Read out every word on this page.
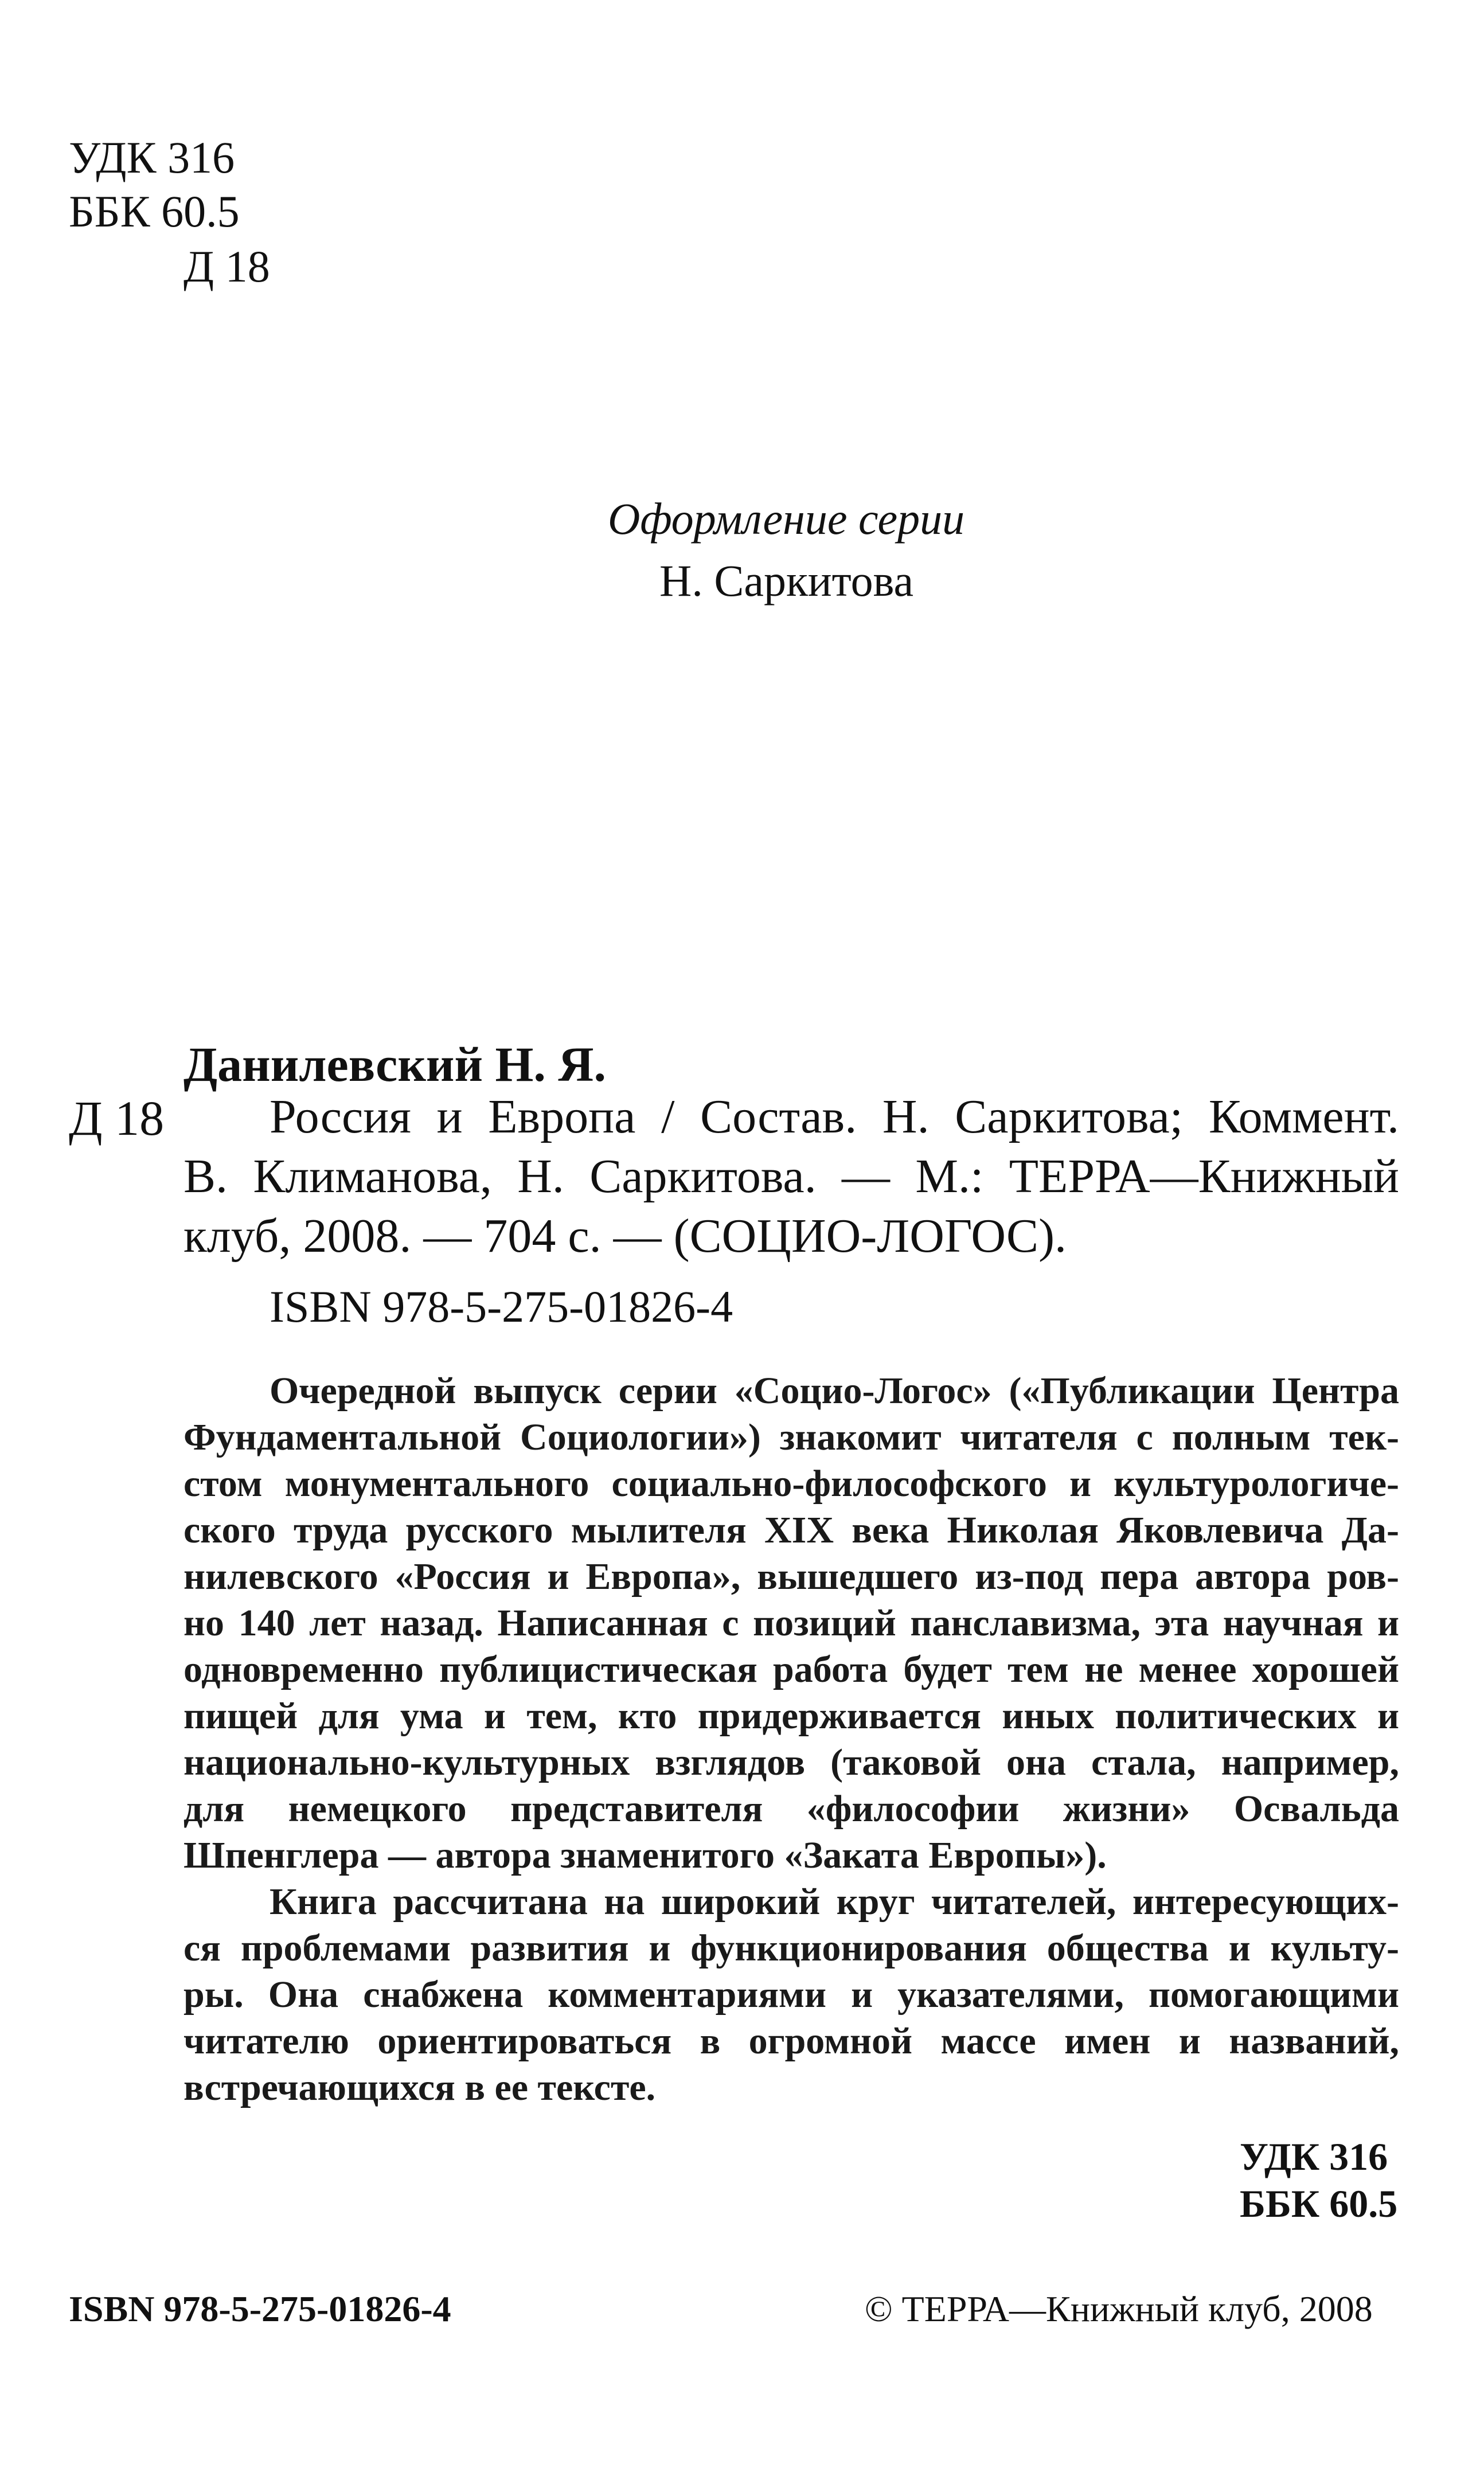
УДК 316
ББК 60.5
Д 18
Оформление серии
Н. Саркитова
Данилевский Н. Я.
Д 18	Россия и Европа / Состав. Н. Саркитова; Коммент.
В. Климанова, Н. Саркитова. — М.: ТЕРРА—Книжный
клуб, 2008. — 704 с. — (СОЦИО-ЛОГОС).
ISBN 978-5-275-01826-4
Очередной выпуск серии «Социо-Логос» («Публикации Центра
Фундаментальной Социологии») знакомит читателя с полным тек-
стом монументального социально-философского и культурологиче-
ского труда русского мылителя XIX века Николая Яковлевича Да-
нилевского «Россия и Европа», вышедшего из-под пера автора ров-
но 140 лет назад. Написанная с позиций панславизма, эта научная и
одновременно публицистическая работа будет тем не менее хорошей
пищей для ума и тем, кто придерживается иных политических и
национально-культурных взглядов (таковой она стала, например,
для немецкого представителя «философии жизни» Освальда
Шпенглера — автора знаменитого «Заката Европы»).
Книга рассчитана на широкий круг читателей, интересующих-
ся проблемами развития и функционирования общества и культу-
ры. Она снабжена комментариями и указателями, помогающими
читателю ориентироваться в огромной массе имен и названий,
встречающихся в ее тексте.
УДК 316
ББК 60.5
ISBN 978-5-275-01826-4	© ТЕРРА—Книжный клуб, 2008
